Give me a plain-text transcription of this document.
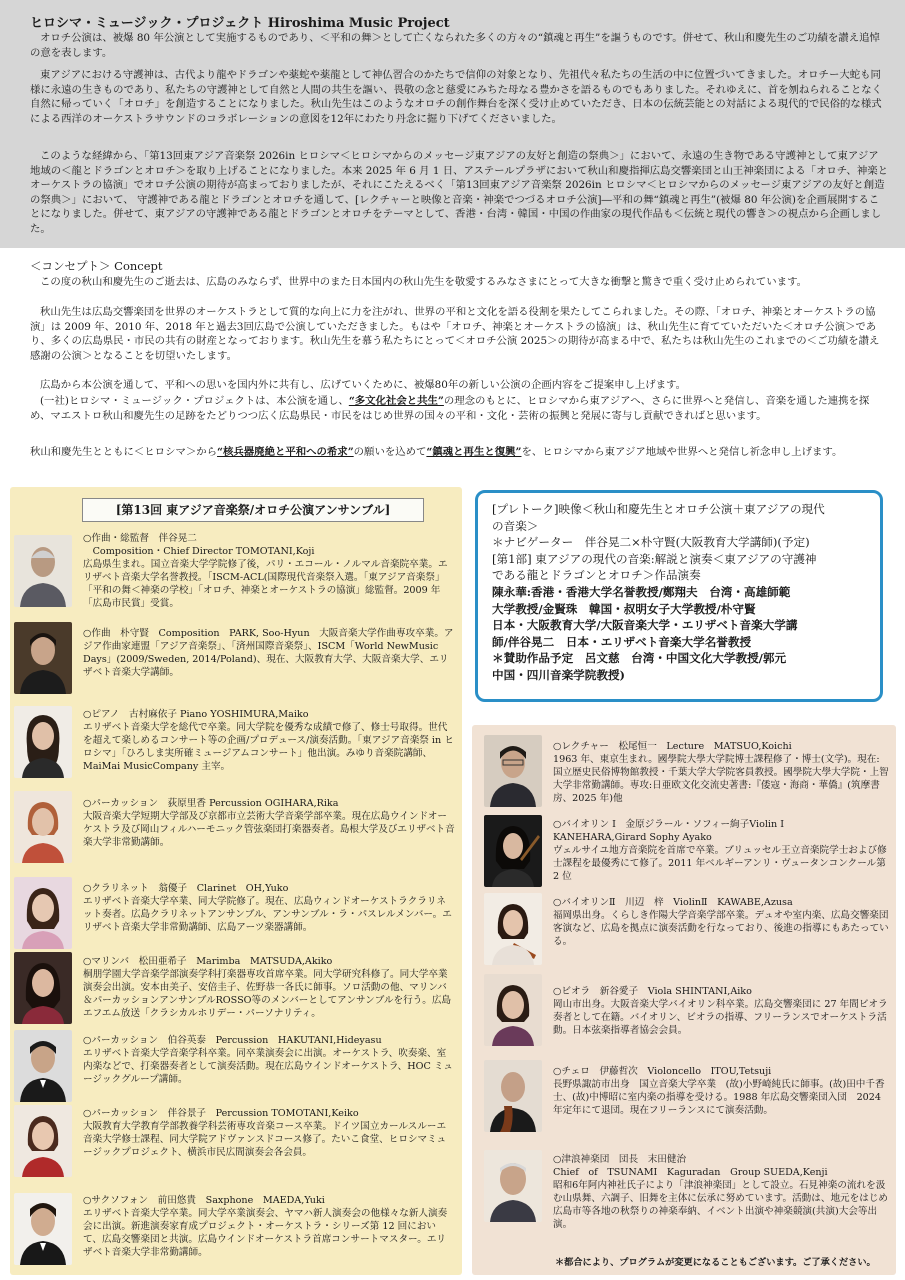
ヒロシマ・ミュージック・プロジェクト Hiroshima Music Project

オロチ公演は、被爆 80 年公演として実施するものであり、＜平和の舞＞として亡くなられた多くの方々の“鎮魂と再生”を謳うものです。併せて、秋山和慶先生のご功績を讃え追悼の意を表します。

東アジアにおける守護神は、古代より龍やドラゴンや薬蛇や薬龍として神仏習合のかたちで信仰の対象となり、先祖代々私たちの生活の中に位置づいてきました。オロチー大蛇も同様に永遠の生きものであり、私たちの守護神として自然と人間の共生を謳い、畏敬の念と慈愛にみちた母なる豊かさを語るものでもありました。それゆえに、首を刎ねられることなく自然に帰っていく「オロチ」を創造することになりました。秋山先生はこのようなオロチの創作舞台を深く受け止めていただき、日本の伝統芸能との対話による現代的で民俗的な様式による西洋のオーケストラサウンドのコラボレーションの意図を12年にわたり丹念に掘り下げてくださいました。

このような経緯から、「第13回東アジア音楽祭 2026in ヒロシマ＜ヒロシマからのメッセージ東アジアの友好と創造の祭典＞」において、永遠の生き物である守護神として東アジア地域の＜龍とドラゴンとオロチ＞を取り上げることになりました。本来 2025 年 6 月 1 日、アステールプラザにおいて秋山和慶指揮広島交響楽団と山王神楽団による「オロチ、神楽とオーケストラの協演」でオロチ公演の期待が高まっておりましたが、それにこたえるべく「第13回東アジア音楽祭 2026in ヒロシマ＜ヒロシマからのメッセージ東アジアの友好と創造の祭典＞」において、 守護神である龍とドラゴンとオロチを通して、[レクチャーと映像と音楽・神楽でつづるオロチ公演]―平和の舞“鎮魂と再生”(被爆 80 年公演)を企画展開することになりました。併せて、東アジアの守護神である龍とドラゴンとオロチをテーマとして、香港・台湾・韓国・中国の作曲家の現代作品も＜伝統と現代の響き＞の視点から企画しました。

＜コンセプト＞ Concept

この度の秋山和慶先生のご逝去は、広島のみならず、世界中のまた日本国内の秋山先生を敬愛するみなさまにとって大きな衝撃と驚きで重く受け止められています。

秋山先生は広島交響楽団を世界のオーケストラとして質的な向上に力を注がれ、世界の平和と文化を語る役割を果たしてこられました。その際、「オロチ、神楽とオーケストラの協演」は 2009 年、2010 年、2018 年と過去3回広島で公演していただきました。もはや「オロチ、神楽とオーケストラの協演」は、秋山先生に育てていただいた＜オロチ公演＞であり、多くの広島県民・市民の共有の財産となっております。秋山先生を慕う私たちにとって＜オロチ公演 2025＞の期待が高まる中で、私たちは秋山先生のこれまでの＜ご功績を讃え感謝の公演＞となることを切望いたします。

広島から本公演を通して、平和への思いを国内外に共有し、広げていくために、被爆80年の新しい公演の企画内容をご提案申し上げます。

(一社)ヒロシマ・ミュージック・プロジェクトは、本公演を通し、“多文化社会と共生”の理念のもとに、ヒロシマから東アジアへ、さらに世界へと発信し、音楽を通した連携を探め、マエストロ秋山和慶先生の足跡をたどりつつ広く広島県民・市民をはじめ世界の国々の平和・文化・芸術の振興と発展に寄与し貢献できればと思います。

秋山和慶先生とともに＜ヒロシマ＞から“核兵器廃絶と平和への希求”の願いを込めて“鎮魂と再生と復興”を、ヒロシマから東アジア地域や世界へと発信し祈念申し上げます。

[第13回 東アジア音楽祭/オロチ公演アンサンブル]
○作曲・総監督　伴谷晃二
　Composition・Chief Director TOMOTANI,Koji
広島県生まれ。国立音楽大学学院修了後，パリ・エコール・ノルマル音楽院卒業。エリザベト音楽大学名誉教授。「ISCM-ACL(国際現代音楽祭入選。「東アジア音楽祭」「平和の舞＜神楽の学校」「オロチ、神楽とオーケストラの協演」総監督。2009 年「広島市民賞」受賞。
○作曲　朴守賢　Composition　PARK, Soo-Hyun　大阪音楽大学作曲専攻卒業。アジア作曲家連盟「アジア音楽祭」、「済州国際音楽祭」、ISCM「World NewMusic Days」(2009/Sweden, 2014/Poland)、現在、大阪教育大学、大阪音楽大学、エリザベト音楽大学講師。
○ピアノ　古村麻依子 Piano YOSHIMURA,Maiko
エリザベト音楽大学を総代で卒業。同大学院を優秀な成績で修了、修士号取得。世代を超えて楽しめるコンサート等の企画/プロデュース/演奏活動。「東アジア音楽祭 in ヒロシマ」「ひろしま実所確ミュージアムコンサート」他出演。みゆり音楽院講師、MaiMai MusicCompany 主宰。
○パーカッション　荻原里香 Percussion OGIHARA,Rika
大阪音楽大学短期大学部及び京都市立芸術大学音楽学部卒業。現在広島ウインドオーケストラ及び岡山フィルハーモニック管弦楽団打楽器奏者。島根大学及びエリザベト音楽大学非常勤講師。
○クラリネット　翁優子　Clarinet　OH,Yuko
エリザベト音楽大学卒業、同大学院修了。現在、広島ウィンドオーケストラクラリネット奏者。広島クラリネットアンサンブル、アンサンブル・ラ・パスレルメンバー。エリザベト音楽大学非常勤講師、広島アーツ楽器講師。
○マリンバ　松田亜希子　Marimba　MATSUDA,Akiko
桐朋学園大学音楽学部演奏学科打楽器専攻首席卒業。同大学研究科修了。同大学卒業演奏会出演。安本由美子、安倍圭子、佐野恭一各氏に師事。ソロ活動の他、マリンバ＆パーカッションアンサンブルROSSO等のメンバーとしてアンサンブルを行う。広島エフエム放送「クラシカルホリデー・パーソナリティ。
○パーカッション　伯谷英泰　Percussion　HAKUTANI,Hideyasu
エリザベト音楽大学音楽学科卒業。同卒業演奏会に出演。オーケストラ、吹奏楽、室内楽などで、打楽器奏者として演奏活動。現在広島ウインドオーケストラ、HOC ミュージックグループ講師。
○パーカッション　伴谷景子　Percussion TOMOTANI,Keiko
大阪教育大学教育学部教養学科芸術専攻音楽コース卒業。ドイツ国立カールスルーエ音楽大学修士課程、同大学院アドヴァンスドコース修了。たいこ食堂、ヒロシマミュージックプロジェクト、横浜市民広間演奏会各会員。
○サクソフォン　前田悠貴　Saxphone　MAEDA,Yuki
エリザベト音楽大学卒業。同大学卒業演奏会、ヤマハ新人演奏会の他様々な新人演奏会に出演。新進演奏家育成プロジェクト・オーケストラ・シリーズ第 12 回において、広島交響楽団と共演。広島ウインドオーケストラ首席コンサートマスター。エリザベト音楽大学非常勤講師。
[プレトーク]映像＜秋山和慶先生とオロチ公演＋東アジアの現代
の音楽＞
＊ナビゲーター　伴谷晃二×朴守賢(大阪教育大学講師)(予定)
[第1部] 東アジアの現代の音楽:解説と演奏＜東アジアの守護神
である龍とドラゴンとオロチ＞作品演奏
陳永華:香港・香港大学名誉教授/鄭翔夫　台湾・高雄師範
大学教授/金賢珠　韓国・叔明女子大学教授/朴守賢
日本・大阪教育大学/大阪音楽大学・エリザベト音楽大学講
師/伴谷晃二　日本・エリザベト音楽大学名誉教授
＊賛助作品予定　呂文慈　台湾・中国文化大学教授/郭元
中国・四川音楽学院教授)
○レクチャー　松尾恒一　Lecture　MATSUO,Koichi
1963 年、東京生まれ。國學院大學大学院博士課程修了・博士(文学)。現在:国立歴史民俗博物館教授・千葉大学大学院客員教授。國學院大學大学院・上智大学非常勤講師。専攻:日亜欧文化交流史著書:『倭寇・海商・華僑』(筑摩書房、2025 年)他
○バイオリン I　金原ジラール・ソフィー絢子Violin I
KANEHARA,Girard Sophy Ayako
ヴェルサイユ地方音楽院を首席で卒業。ブリュッセル王立音楽院学士および修士課程を最優秀にて修了。2011 年ベルギーアンリ・ヴュータンコンクール第 2 位
○バイオリンⅡ　川辺　梓　ViolinⅡ　KAWABE,Azusa
福岡県出身。くらしき作陽大学音楽学部卒業。デュオや室内楽、広島交響楽団客演など、広島を拠点に演奏活動を行なっており、後進の指導にもあたっている。
○ビオラ　新谷愛子　Viola SHINTANI,Aiko
岡山市出身。大阪音楽大学バイオリン科卒業。広島交響楽団に 27 年間ビオラ奏者として在籍。バイオリン、ビオラの指導、フリーランスでオーケストラ活動。日本弦楽指導者協会会員。
○チェロ　伊藤哲次　Violoncello　ITOU,Tetsuji
長野県諏訪市出身　国立音楽大学卒業　(故)小野崎純氏に師事。(故)田中千香士、(故)中博昭に室内楽の指導を受ける。1988 年広島交響楽団入団　2024 年定年にて退団。現在フリーランスにて演奏活動。
○津浪神楽団　団長　末田健治
Chief　of　TSUNAMI　Kaguradan　Group SUEDA,Kenji
昭和6年阿内神社氏子により「津浪神楽団」として設立。石見神楽の流れを汲む山県舞、六調子、旧舞を主体に伝承に努めています。活動は、地元をはじめ広島市等各地の秋祭りの神楽奉納、イベント出演や神楽競演(共演)大会等出演。
＊都合により、プログラムが変更になることもございます。ご了承ください。
